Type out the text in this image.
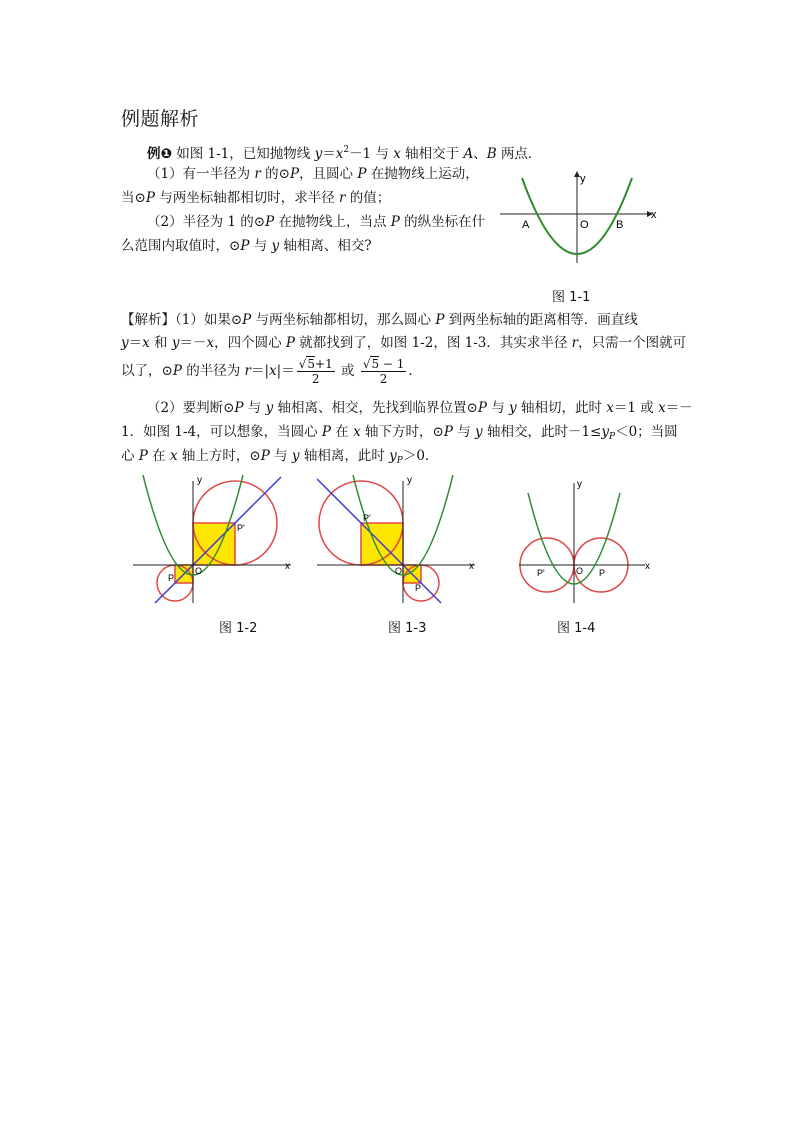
例题解析
例❶ 如图 1-1，已知抛物线 $y=x^2-1$ 与 x 轴相交于 A、B 两点．
（1）有一半径为 r 的⊙P，且圆心 P 在抛物线上运动，
当⊙P 与两坐标轴都相切时，求半径 r 的值；
（2）半径为 1 的⊙P 在抛物线上，当点 P 的纵坐标在什
么范围内取值时，⊙P 与 y 轴相离、相交?
y
x
A	O B
图 1-1
【解析】（1）如果⊙P 与两坐标轴都相切，那么圆心 P 到两坐标轴的距离相等．画直线
y＝x 和 y＝－x，四个圆心 P 就都找到了，如图 1-2，图 1-3．其实求半径 r，只需一个图就可
以了，⊙P 的半径为 $r=|x|= \frac{√5+1}{2}$ 或 $\frac{√5 - 1}{2}$ ．
（2）要判断⊙P 与 y 轴相离、相交，先找到临界位置⊙P 与 y 轴相切，此时 x＝1 或 x＝－
1．如图 1-4，可以想象，当圆心 P 在 x 轴下方时，⊙P 与 y 轴相交，此时$-1\le y_P<0$；当圆
心 P 在 x 轴上方时，⊙P 与 y 轴相离，此时 $y_P>0$．
y
x
P'
P
O
图 1-2
y
x
P'
P
O
图 1-3
y
x
P'	P
O
图 1-4
